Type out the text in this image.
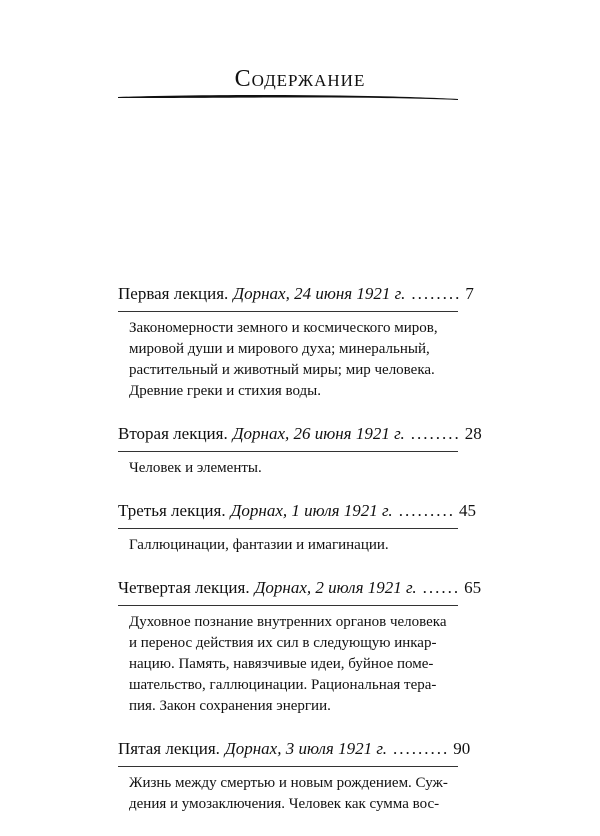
Содержание
Первая лекция. Дорнах, 24 июня 1921 г. ........ 7
Закономерности земного и космического миров,
мировой души и мирового духа; минеральный,
растительный и животный миры; мир человека.
Древние греки и стихия воды.
Вторая лекция. Дорнах, 26 июня 1921 г. ........ 28
Человек и элементы.
Третья лекция. Дорнах, 1 июля 1921 г. ......... 45
Галлюцинации, фантазии и имагинации.
Четвертая лекция. Дорнах, 2 июля 1921 г. ...... 65
Духовное познание внутренних органов человека
и перенос действия их сил в следующую инкар-
нацию. Память, навязчивые идеи, буйное поме-
шательство, галлюцинации. Рациональная тера-
пия. Закон сохранения энергии.
Пятая лекция. Дорнах, 3 июля 1921 г. ......... 90
Жизнь между смертью и новым рождением. Суж-
дения и умозаключения. Человек как сумма вос-
